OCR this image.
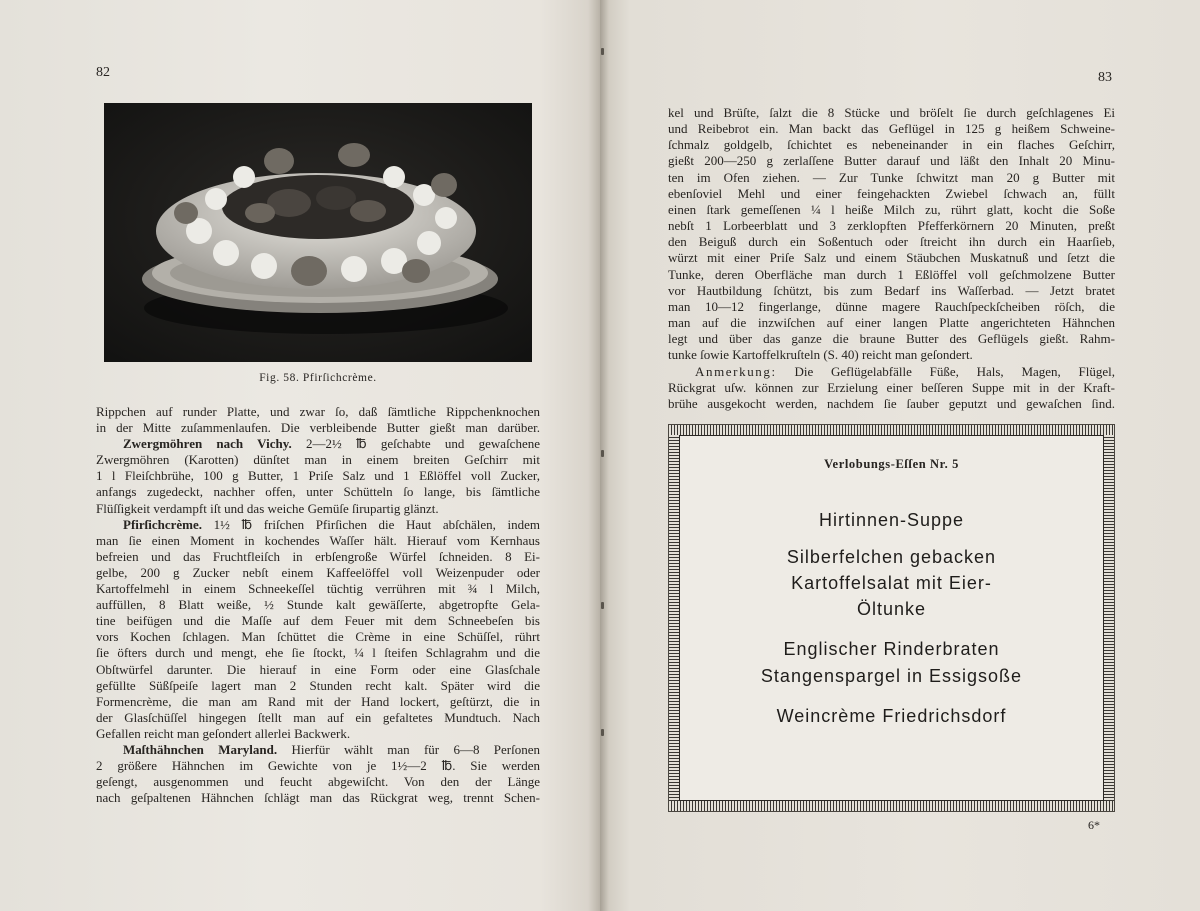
82
Fig. 58. Pfirſichcrème.
Rippchen auf runder Platte, und zwar ſo, daß ſämtliche Rippchenknochen
in der Mitte zuſammenlaufen. Die verbleibende Butter gießt man darüber.
Zwergmöhren nach Vichy. 2—2½ ℔ geſchabte und gewaſchene
Zwergmöhren (Karotten) dünſtet man in einem breiten Geſchirr mit
1 l Fleiſchbrühe, 100 g Butter, 1 Priſe Salz und 1 Eßlöffel voll Zucker,
anfangs zugedeckt, nachher offen, unter Schütteln ſo lange, bis ſämtliche
Flüſſigkeit verdampft iſt und das weiche Gemüſe ſirupartig glänzt.
Pfirſichcrème. 1½ ℔ friſchen Pfirſichen die Haut abſchälen, indem
man ſie einen Moment in kochendes Waſſer hält. Hierauf vom Kernhaus
befreien und das Fruchtfleiſch in erbſengroße Würfel ſchneiden. 8 Ei-
gelbe, 200 g Zucker nebſt einem Kaffeelöffel voll Weizenpuder oder
Kartoffelmehl in einem Schneekeſſel tüchtig verrühren mit ¾ l Milch,
auffüllen, 8 Blatt weiße, ½ Stunde kalt gewäſſerte, abgetropfte Gela-
tine beifügen und die Maſſe auf dem Feuer mit dem Schneebeſen bis
vors Kochen ſchlagen. Man ſchüttet die Crème in eine Schüſſel, rührt
ſie öfters durch und mengt, ehe ſie ſtockt, ¼ l ſteifen Schlagrahm und die
Obſtwürfel darunter. Die hierauf in eine Form oder eine Glasſchale
gefüllte Süßſpeiſe lagert man 2 Stunden recht kalt. Später wird die
Formencrème, die man am Rand mit der Hand lockert, geſtürzt, die in
der Glasſchüſſel hingegen ſtellt man auf ein gefaltetes Mundtuch. Nach
Gefallen reicht man geſondert allerlei Backwerk.
Maſthähnchen Maryland. Hierfür wählt man für 6—8 Perſonen
2 größere Hähnchen im Gewichte von je 1½—2 ℔. Sie werden
geſengt, ausgenommen und feucht abgewiſcht. Von den der Länge
nach geſpaltenen Hähnchen ſchlägt man das Rückgrat weg, trennt Schen-
83
kel und Brüſte, ſalzt die 8 Stücke und bröſelt ſie durch geſchlagenes Ei
und Reibebrot ein. Man backt das Geflügel in 125 g heißem Schweine-
ſchmalz goldgelb, ſchichtet es nebeneinander in ein flaches Geſchirr,
gießt 200—250 g zerlaſſene Butter darauf und läßt den Inhalt 20 Minu-
ten im Ofen ziehen. — Zur Tunke ſchwitzt man 20 g Butter mit
ebenſoviel Mehl und einer feingehackten Zwiebel ſchwach an, füllt
einen ſtark gemeſſenen ¼ l heiße Milch zu, rührt glatt, kocht die Soße
nebſt 1 Lorbeerblatt und 3 zerklopften Pfefferkörnern 20 Minuten, preßt
den Beiguß durch ein Soßentuch oder ſtreicht ihn durch ein Haarſieb,
würzt mit einer Priſe Salz und einem Stäubchen Muskatnuß und ſetzt die
Tunke, deren Oberfläche man durch 1 Eßlöffel voll geſchmolzene Butter
vor Hautbildung ſchützt, bis zum Bedarf ins Waſſerbad. — Jetzt bratet
man 10—12 fingerlange, dünne magere Rauchſpeckſcheiben röſch, die
man auf die inzwiſchen auf einer langen Platte angerichteten Hähnchen
legt und über das ganze die braune Butter des Geflügels gießt. Rahm-
tunke ſowie Kartoffelkruſteln (S. 40) reicht man geſondert.
Anmerkung: Die Geflügelabfälle Füße, Hals, Magen, Flügel,
Rückgrat uſw. können zur Erzielung einer beſſeren Suppe mit in der Kraft-
brühe ausgekocht werden, nachdem ſie ſauber geputzt und gewaſchen ſind.
Verlobungs-Eſſen Nr. 5
Hirtinnen-Suppe
Silberfelchen gebacken
Kartoffelsalat mit Eier-
Öltunke
Englischer Rinderbraten
Stangenspargel in Essigsoße
Weincrème Friedrichsdorf
6*
